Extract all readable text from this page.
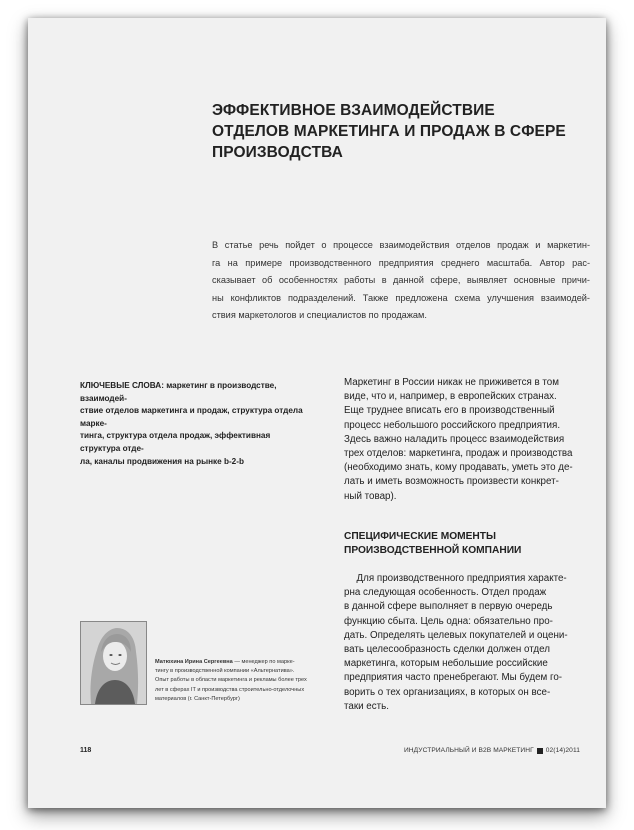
ЭФФЕКТИВНОЕ ВЗАИМОДЕЙСТВИЕ
ОТДЕЛОВ МАРКЕТИНГА И ПРОДАЖ В СФЕРЕ
ПРОИЗВОДСТВА
В статье речь пойдет о процессе взаимодействия отделов продаж и маркетин-
га на примере производственного предприятия среднего масштаба. Автор рас-
сказывает об особенностях работы в данной сфере, выявляет основные причи-
ны конфликтов подразделений. Также предложена схема улучшения взаимодей-
ствия маркетологов и специалистов по продажам.
КЛЮЧЕВЫЕ СЛОВА: маркетинг в производстве, взаимодей-
ствие отделов маркетинга и продаж, структура отдела марке-
тинга, структура отдела продаж, эффективная структура отде-
ла, каналы продвижения на рынке b-2-b
Маркетинг в России никак не приживется в том
виде, что и, например, в европейских странах.
Еще труднее вписать его в производственный
процесс небольшого российского предприятия.
Здесь важно наладить процесс взаимодействия
трех отделов: маркетинга, продаж и производства
(необходимо знать, кому продавать, уметь это де-
лать и иметь возможность произвести конкрет-
ный товар).
СПЕЦИФИЧЕСКИЕ МОМЕНТЫ
ПРОИЗВОДСТВЕННОЙ КОМПАНИИ
  Для производственного предприятия характе-
рна следующая особенность. Отдел продаж
в данной сфере выполняет в первую очередь
функцию сбыта. Цель одна: обязательно про-
дать. Определять целевых покупателей и оцени-
вать целесообразность сделки должен отдел
маркетинга, которым небольшие российские
предприятия часто пренебрегают. Мы будем го-
ворить о тех организациях, в которых он все-
таки есть.

Матюхина Ирина Сергеевна — менеджер по марке-
тингу в производственной компании «Альтернатива».
Опыт работы в области маркетинга и рекламы более трех
лет в сферах IT и производства строительно-отделочных
материалов (г. Санкт-Петербург)

118	ИНДУСТРИАЛЬНЫЙ И B2B МАРКЕТИНГ 02(14)2011
